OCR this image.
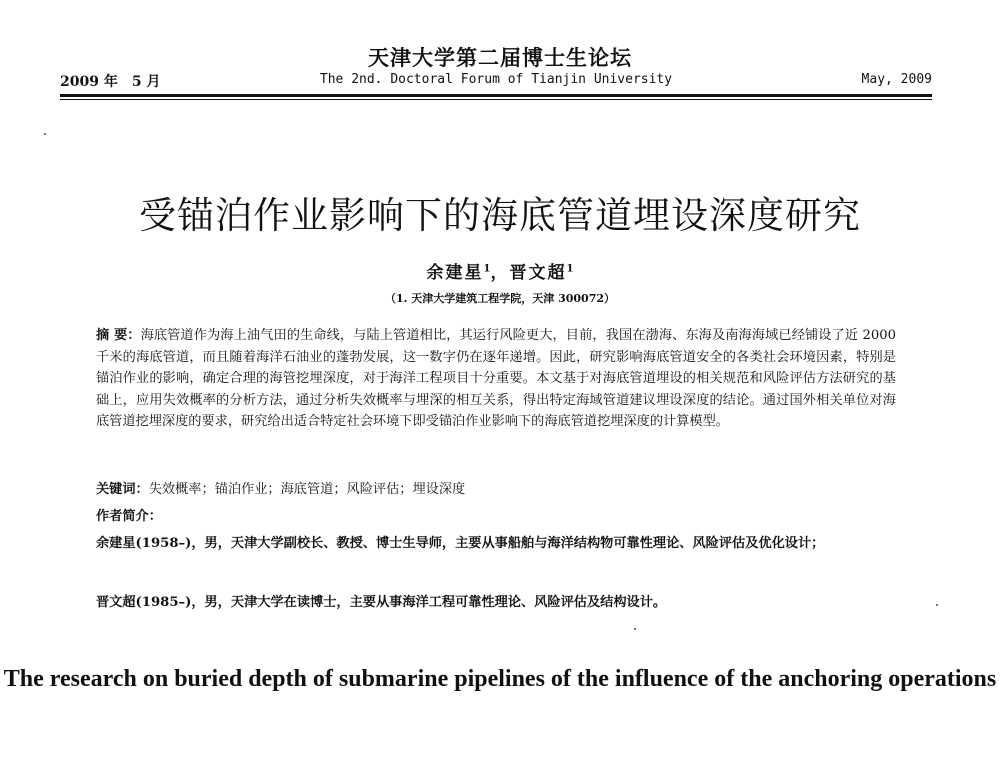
天津大学第二届博士生论坛
2009 年　5 月	The 2nd. Doctoral Forum of Tianjin University	May, 2009
受锚泊作业影响下的海底管道埋设深度研究
余建星$^1$，晋文超$^1$
（1. 天津大学建筑工程学院，天津 300072）
摘 要：海底管道作为海上油气田的生命线，与陆上管道相比，其运行风险更大，目前，我国在渤海、东海及南海海域已经铺设了近 2000 千米的海底管道，而且随着海洋石油业的蓬勃发展，这一数字仍在逐年递增。因此，研究影响海底管道安全的各类社会环境因素，特别是锚泊作业的影响，确定合理的海管挖埋深度，对于海洋工程项目十分重要。本文基于对海底管道埋设的相关规范和风险评估方法研究的基础上，应用失效概率的分析方法，通过分析失效概率与埋深的相互关系，得出特定海域管道建议埋设深度的结论。通过国外相关单位对海底管道挖埋深度的要求，研究给出适合特定社会环境下即受锚泊作业影响下的海底管道挖埋深度的计算模型。
关键词：失效概率；锚泊作业；海底管道；风险评估；埋设深度
作者简介：
余建星(1958–)，男，天津大学副校长、教授、博士生导师，主要从事船舶与海洋结构物可靠性理论、风险评估及优化设计；
晋文超(1985–)，男，天津大学在读博士，主要从事海洋工程可靠性理论、风险评估及结构设计。
The research on buried depth of submarine pipelines of the influence of the anchoring operations
